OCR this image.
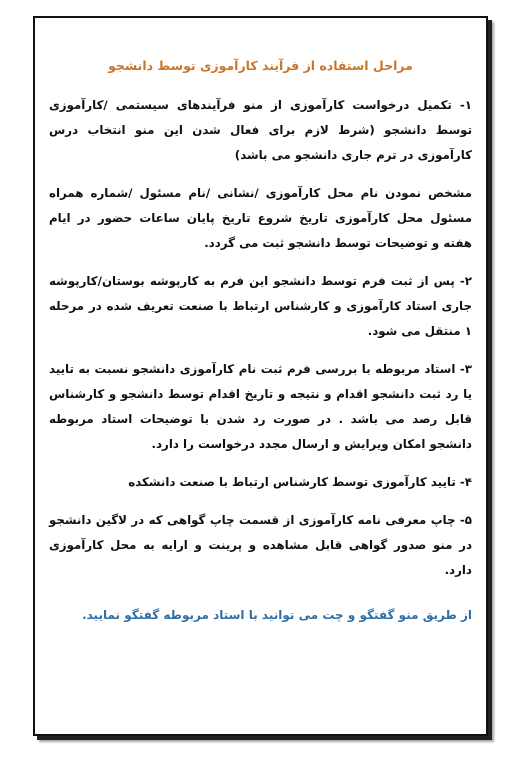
مراحل استفاده از فرآیند کارآموزی توسط دانشجو

۱- تکمیل درخواست کارآموزی از منو فرآیندهای سیستمی /کارآموزی توسط دانشجو (شرط لازم برای فعال شدن این منو انتخاب درس کارآموزی در ترم جاری دانشجو می باشد)

مشخص نمودن نام محل کارآموزی /نشانی /نام مسئول /شماره همراه مسئول محل کارآموزی تاریخ شروع تاریخ پایان ساعات حضور در ایام هفته و توضیحات توسط دانشجو ثبت می گردد.

۲- پس از ثبت فرم توسط دانشجو این فرم به کارپوشه بوستان/کارپوشه جاری استاد کارآموزی و کارشناس ارتباط با صنعت تعریف شده در مرحله ۱ منتقل می شود.

۳- استاد مربوطه با بررسی فرم ثبت نام کارآموزی دانشجو نسبت به تایید یا رد ثبت دانشجو اقدام و نتیجه و تاریخ اقدام توسط دانشجو و کارشناس قابل رصد می باشد . در صورت رد شدن با توضیحات استاد مربوطه دانشجو امکان ویرایش و ارسال مجدد درخواست را دارد.

۴- تایید کارآموزی توسط کارشناس ارتباط با صنعت دانشکده

۵- چاپ معرفی نامه کارآموزی از قسمت چاپ گواهی که در لاگین دانشجو در منو صدور گواهی قابل مشاهده و پرینت و ارایه به محل کارآموزی دارد.

از طریق منو گفتگو و چت می توانید با استاد مربوطه گفتگو نمایید.
